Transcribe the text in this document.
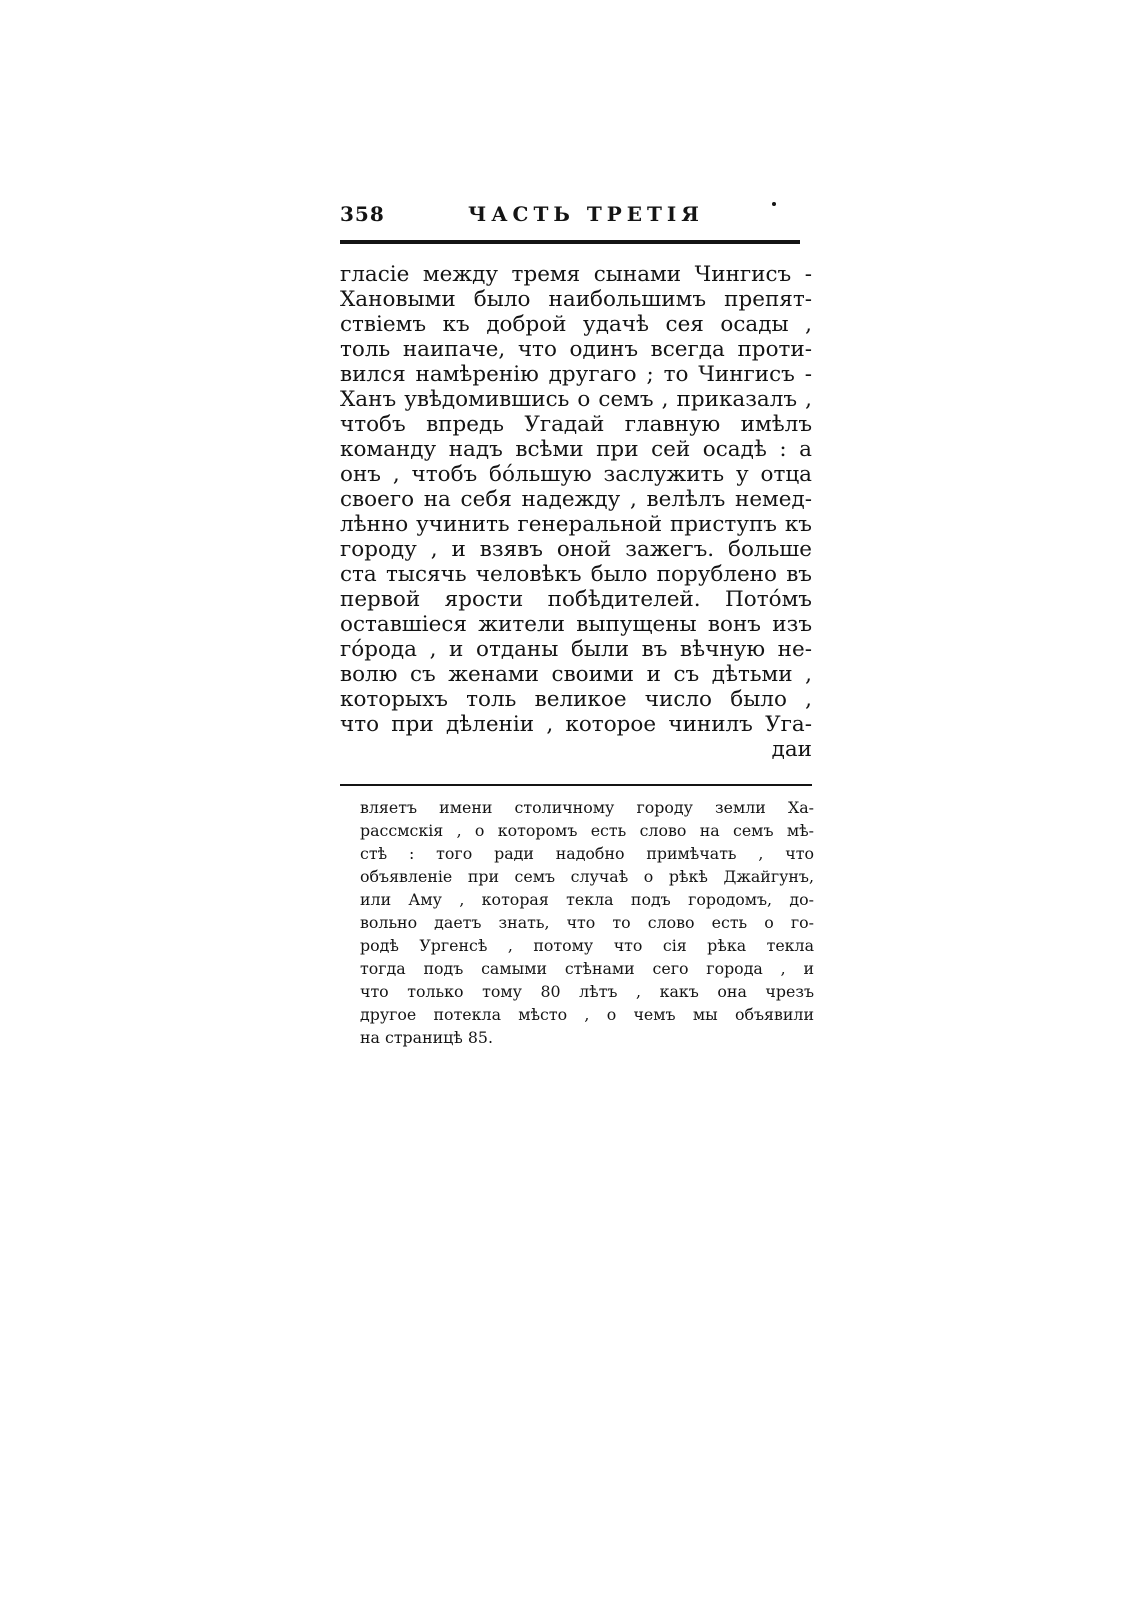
358	ЧАСТЬ ТРЕТІЯ
гласіе между тремя сынами Чингисъ -
Хановыми было наибольшимъ препят-
ствіемъ къ доброй удачѣ сея осады ,
толь наипаче, что одинъ всегда проти-
вился намѣренію другаго ; то Чингисъ -
Ханъ увѣдомившись о семъ , приказалъ ,
чтобъ впредь Угадай главную имѣлъ
команду надъ всѣми при сей осадѣ : а
онъ , чтобъ бóльшую заслужить у отца
своего на себя надежду , велѣлъ немед-
лѣнно учинить генеральной приступъ къ
городу , и взявъ оной зажегъ. больше
ста тысячь человѣкъ было порублено въ
первой ярости побѣдителей. Потóмъ
оставшіеся жители выпущены вонъ изъ
гóрода , и отданы были въ вѣчную не-
волю съ женами своими и съ дѣтьми ,
которыхъ толь великое число было ,
что при дѣленіи , которое чинилъ Уга-
даи
вляетъ имени столичному городу земли Ха-
рассмскія , о которомъ есть слово на семъ мѣ-
стѣ : того ради надобно примѣчать , что
объявленіе при семъ случаѣ о рѣкѣ Джайгунъ,
или Аму , которая текла подъ городомъ, до-
вольно даетъ знать, что то слово есть о го-
родѣ Ургенсѣ , потому что сія рѣка текла
тогда подъ самыми стѣнами сего города , и
что только тому 80 лѣтъ , какъ она чрезъ
другое потекла мѣсто , о чемъ мы объявили
на страницѣ 85.
